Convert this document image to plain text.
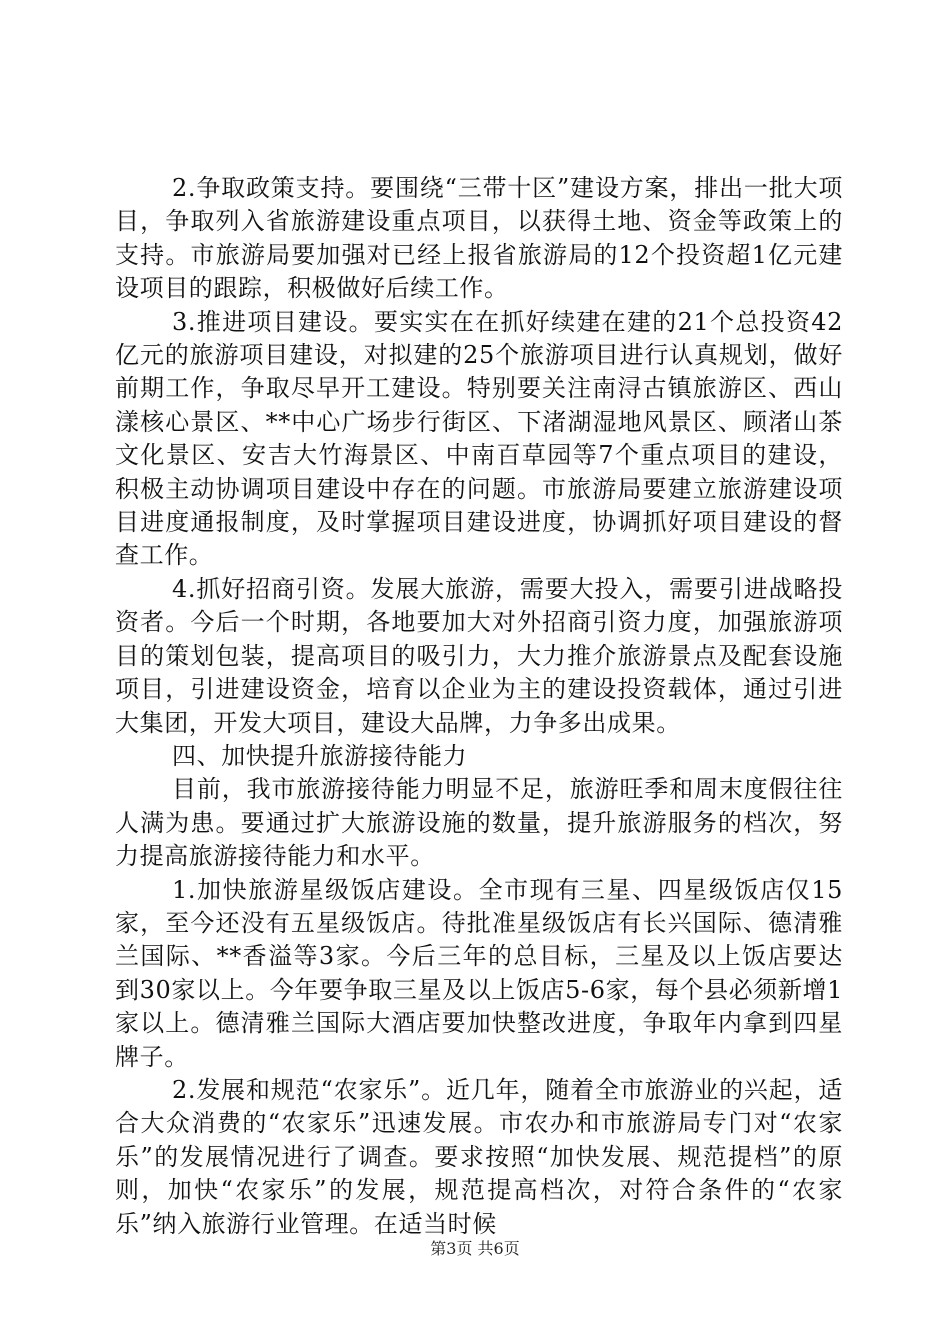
2.争取政策支持。要围绕“三带十区”建设方案，排出一批大项目，争取列入省旅游建设重点项目，以获得土地、资金等政策上的支持。市旅游局要加强对已经上报省旅游局的12个投资超1亿元建设项目的跟踪，积极做好后续工作。

3.推进项目建设。要实实在在抓好续建在建的21个总投资42亿元的旅游项目建设，对拟建的25个旅游项目进行认真规划，做好前期工作，争取尽早开工建设。特别要关注南浔古镇旅游区、西山漾核心景区、**中心广场步行街区、下渚湖湿地风景区、顾渚山茶文化景区、安吉大竹海景区、中南百草园等7个重点项目的建设，积极主动协调项目建设中存在的问题。市旅游局要建立旅游建设项目进度通报制度，及时掌握项目建设进度，协调抓好项目建设的督查工作。

4.抓好招商引资。发展大旅游，需要大投入，需要引进战略投资者。今后一个时期，各地要加大对外招商引资力度，加强旅游项目的策划包装，提高项目的吸引力，大力推介旅游景点及配套设施项目，引进建设资金，培育以企业为主的建设投资载体，通过引进大集团，开发大项目，建设大品牌，力争多出成果。

四、加快提升旅游接待能力

目前，我市旅游接待能力明显不足，旅游旺季和周末度假往往人满为患。要通过扩大旅游设施的数量，提升旅游服务的档次，努力提高旅游接待能力和水平。

1.加快旅游星级饭店建设。全市现有三星、四星级饭店仅15家，至今还没有五星级饭店。待批准星级饭店有长兴国际、德清雅兰国际、**香溢等3家。今后三年的总目标，三星及以上饭店要达到30家以上。今年要争取三星及以上饭店5-6家，每个县必须新增1家以上。德清雅兰国际大酒店要加快整改进度，争取年内拿到四星牌子。

2.发展和规范“农家乐”。近几年，随着全市旅游业的兴起，适合大众消费的“农家乐”迅速发展。市农办和市旅游局专门对“农家乐”的发展情况进行了调查。要求按照“加快发展、规范提档”的原则，加快“农家乐”的发展，规范提高档次，对符合条件的“农家乐”纳入旅游行业管理。在适当时候

第3页 共6页
